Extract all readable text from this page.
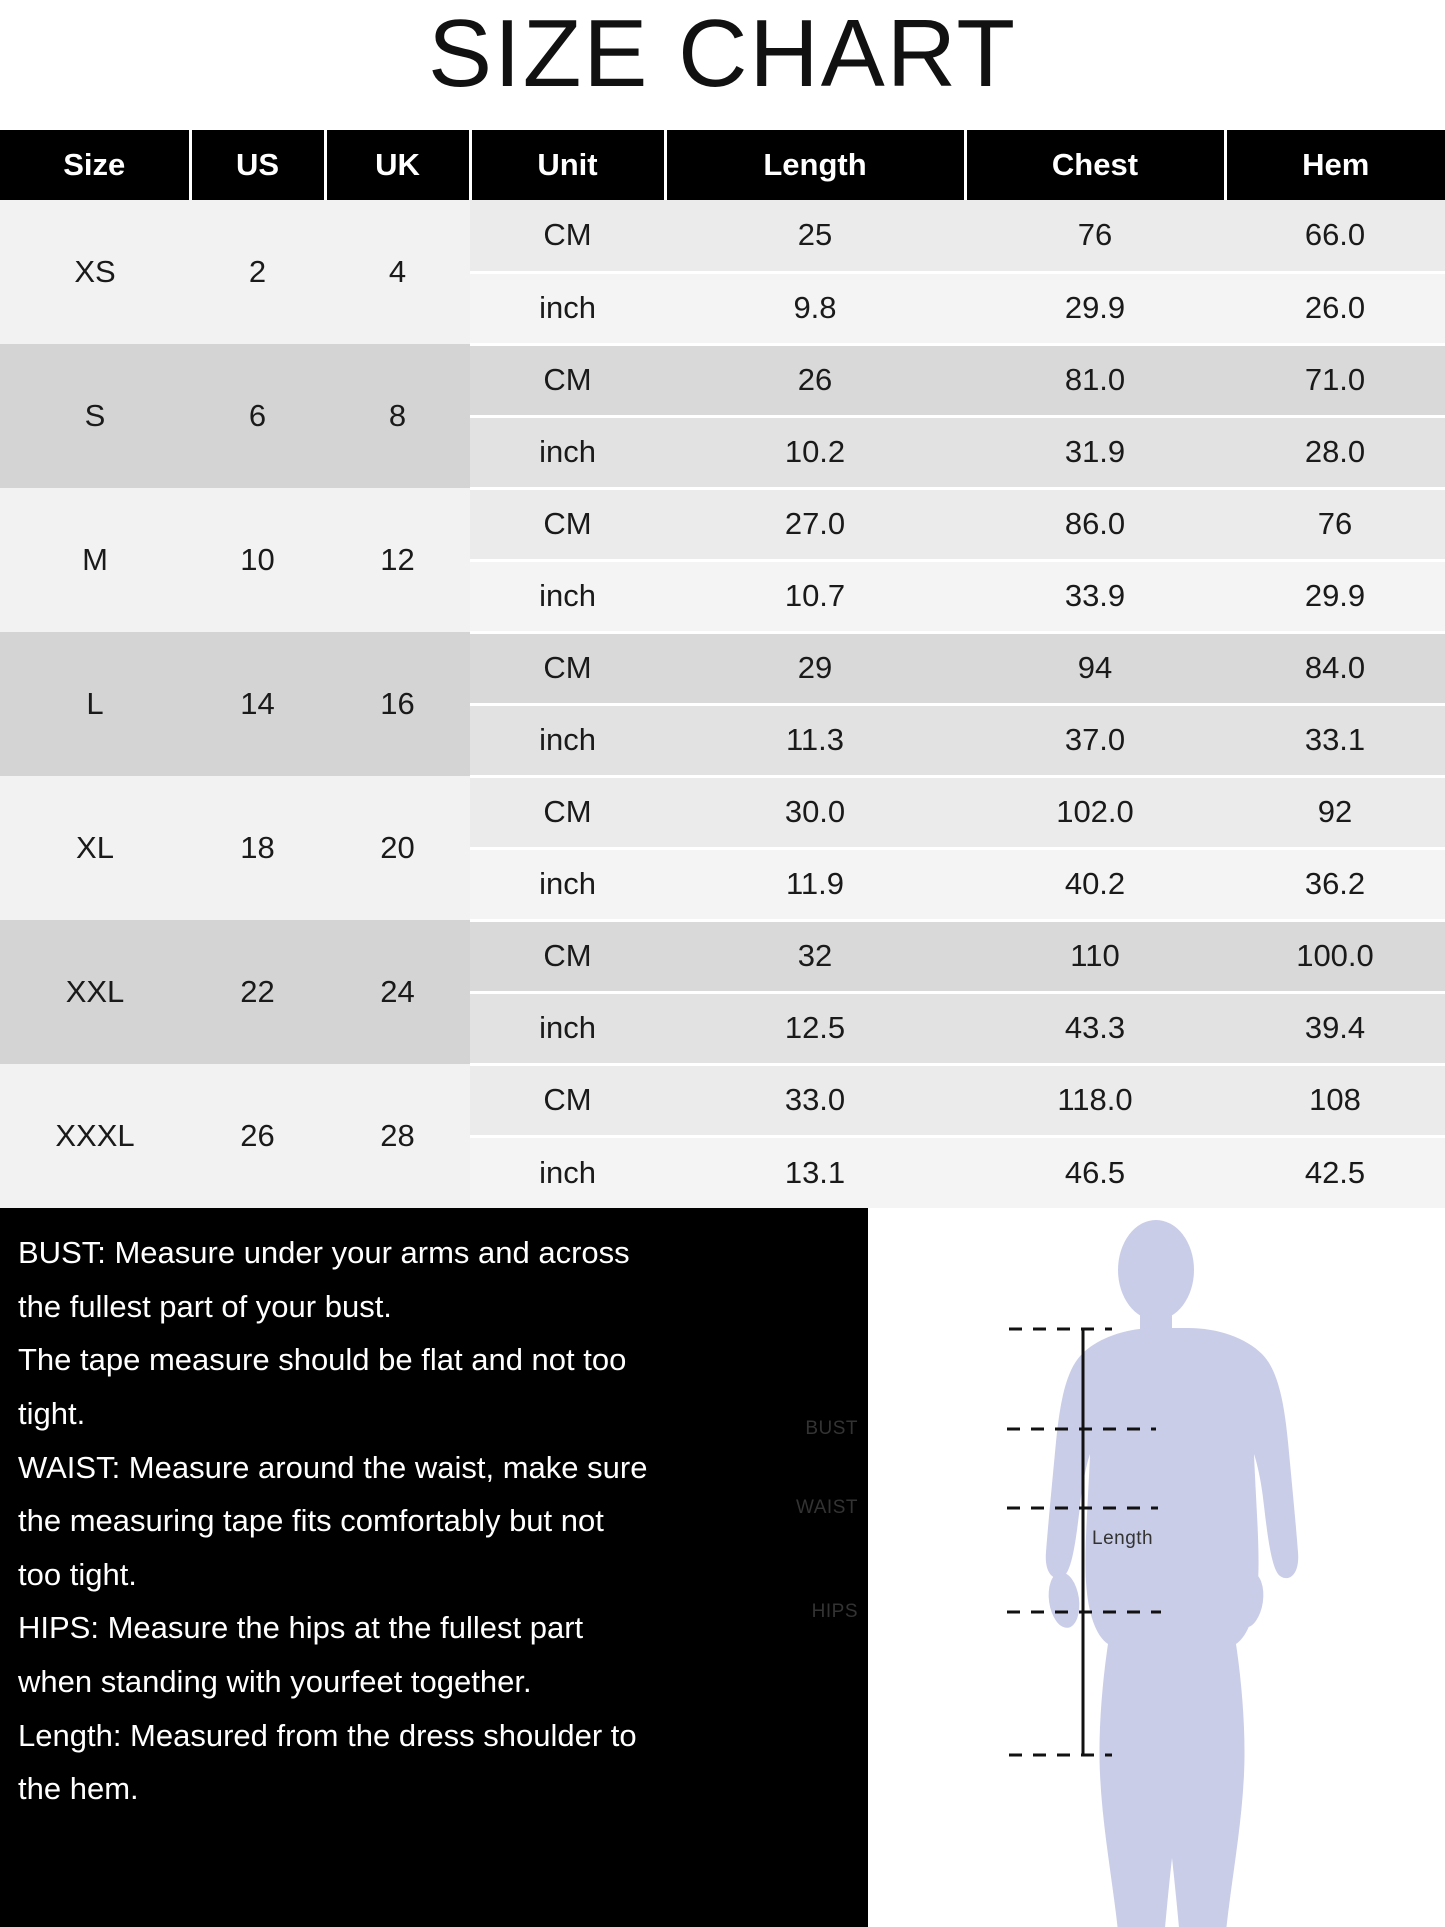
SIZE CHART
Size	US	UK	Unit	Length	Chest	Hem
XS	2	4	CM	25	76	66.0
			inch	9.8	29.9	26.0
S	6	8	CM	26	81.0	71.0
			inch	10.2	31.9	28.0
M	10	12	CM	27.0	86.0	76
			inch	10.7	33.9	29.9
L	14	16	CM	29	94	84.0
			inch	11.3	37.0	33.1
XL	18	20	CM	30.0	102.0	92
			inch	11.9	40.2	36.2
XXL	22	24	CM	32	110	100.0
			inch	12.5	43.3	39.4
XXXL	26	28	CM	33.0	118.0	108
			inch	13.1	46.5	42.5

BUST: Measure under your arms and across

the fullest part of your bust.

The tape measure should be flat and not too

tight.

WAIST: Measure around the waist, make sure

the measuring tape fits comfortably but not

too tight.

HIPS: Measure the hips at the fullest part

when standing with yourfeet together.

Length: Measured from the dress shoulder to

the hem.

BUST
WAIST
HIPS
Length
